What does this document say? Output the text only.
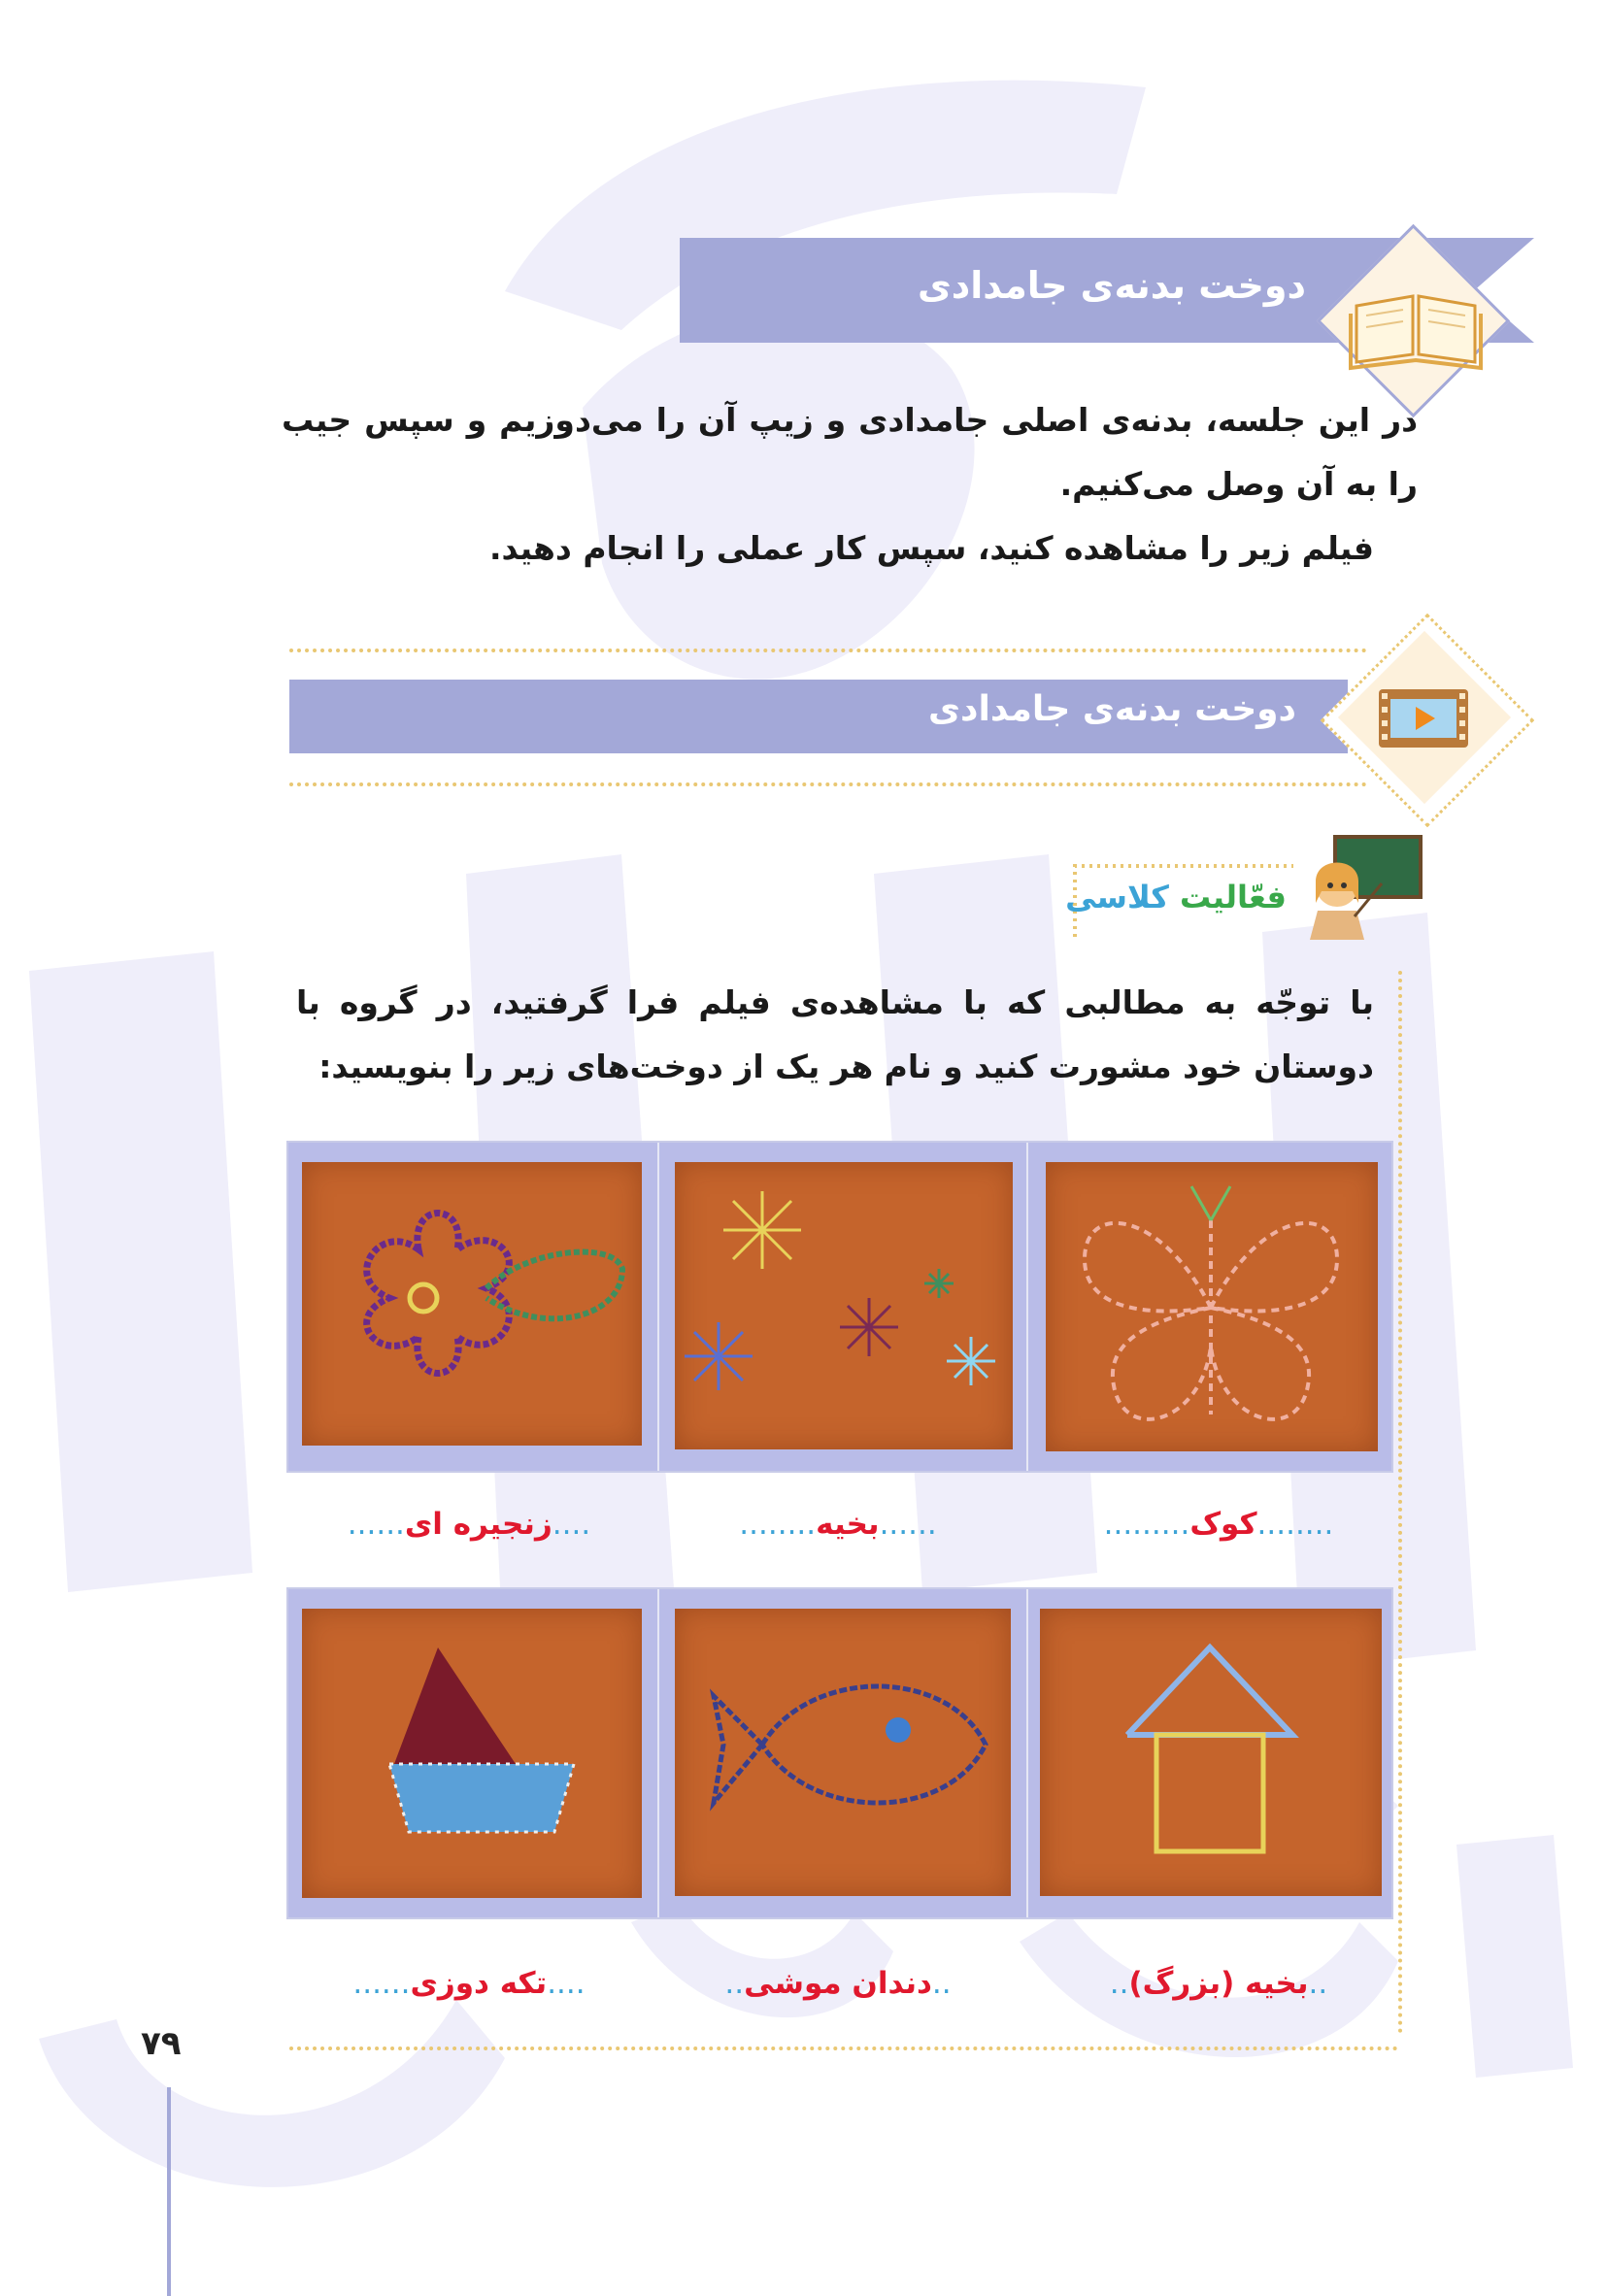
دوخت بدنه‌ی جامدادی
در این جلسه، بدنه‌ی اصلی جامدادی و زیپ آن را می‌دوزیم و سپس جیب را به آن وصل می‌کنیم.
فیلم زیر را مشاهده کنید، سپس کار عملی را انجام دهید.
دوخت بدنه‌ی جامدادی
فعّالیت کلاسی
با توجّه به مطالبی که با مشاهده‌ی فیلم فرا گرفتید، در گروه با دوستان خود مشورت کنید و نام هر یک از دوخت‌های زیر را بنویسید:
........کوک.........
......بخیه........
....زنجیره ای......
..بخیه (بزرگ)..
..دندان موشی..
....تکه دوزی......
۷۹
